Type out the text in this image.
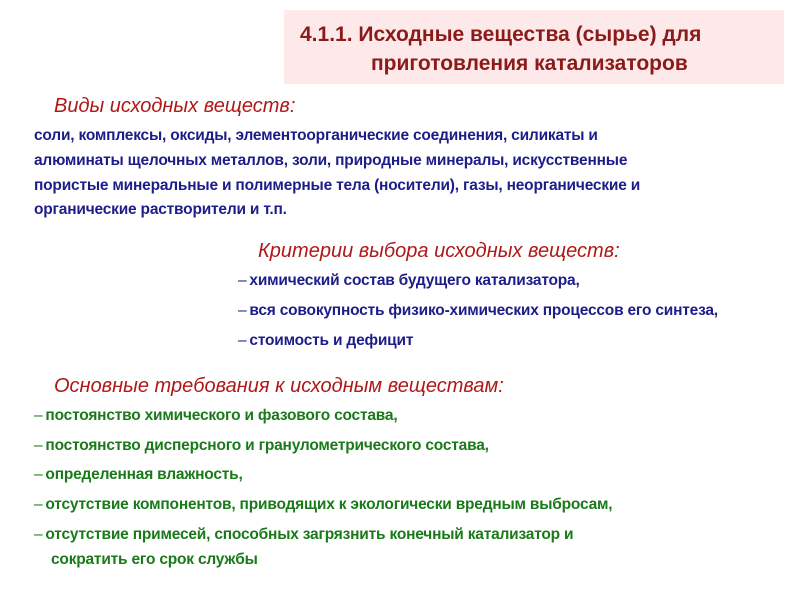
4.1.1. Исходные вещества (сырье) для
приготовления катализаторов
Виды исходных веществ:
соли, комплексы, оксиды, элементоорганические соединения, силикаты и
алюминаты щелочных металлов, золи, природные минералы, искусственные
пористые минеральные и полимерные тела (носители), газы, неорганические и
органические растворители и т.п.
Критерии выбора исходных веществ:
– химический состав будущего катализатора,
– вся совокупность физико-химических процессов его синтеза,
– стоимость и дефицит
Основные требования к исходным веществам:
– постоянство химического и фазового состава,
– постоянство дисперсного и гранулометрического состава,
– определенная влажность,
– отсутствие компонентов, приводящих к экологически вредным выбросам,
– отсутствие примесей, способных загрязнить конечный катализатор и
сократить его срок службы
